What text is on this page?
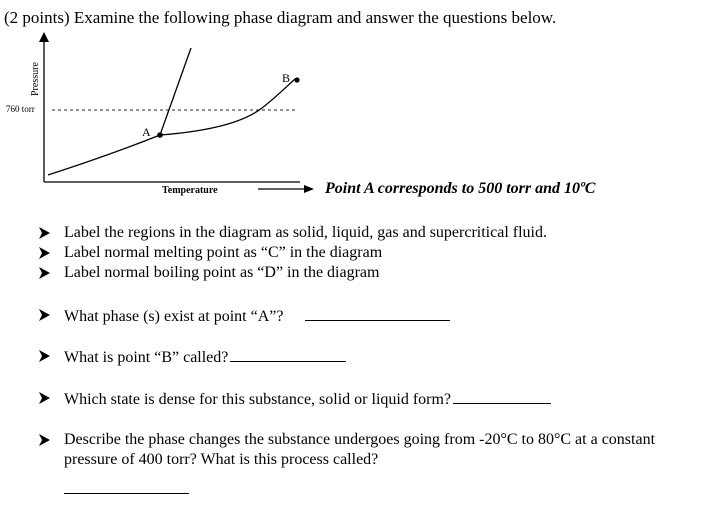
(2 points) Examine the following phase diagram and answer the questions below.
A
B
760 torr
Pressure
Temperature	Point A corresponds to 500 torr and 10ºC
Label the regions in the diagram as solid, liquid, gas and supercritical fluid.
Label normal melting point as “C” in the diagram
Label normal boiling point as “D” in the diagram
What phase (s) exist at point “A”?
What is point “B” called?
Which state is dense for this substance, solid or liquid form?
Describe the phase changes the substance undergoes going from -20°C to 80°C at a constant pressure of 400 torr? What is this process called?
